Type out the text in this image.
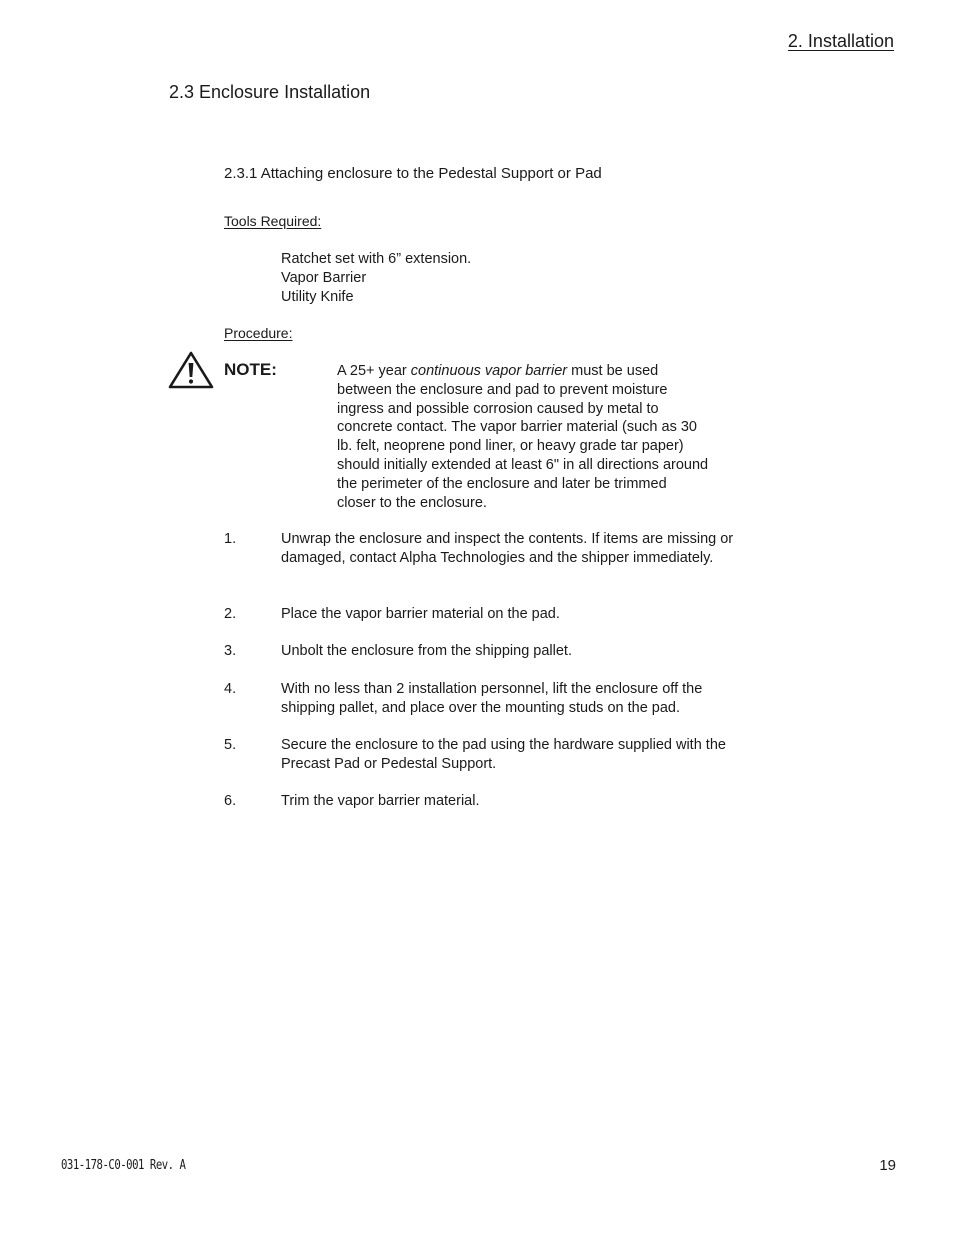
2. Installation
2.3 Enclosure Installation
2.3.1 Attaching enclosure to the Pedestal Support or Pad
Tools Required:
Ratchet set with 6” extension.
Vapor Barrier
Utility Knife
Procedure:
NOTE:	A 25+ year continuous vapor barrier must be used between the enclosure and pad to prevent moisture ingress and possible corrosion caused by metal to concrete contact. The vapor barrier material (such as 30 lb. felt, neoprene pond liner, or heavy grade tar paper) should initially extended at least 6" in all directions around the perimeter of the enclosure and later be trimmed closer to the enclosure.
1.	Unwrap the enclosure and inspect the contents. If items are missing or damaged, contact Alpha Technologies and the shipper immediately.
2.	Place the vapor barrier material on the pad.
3.	Unbolt the enclosure from the shipping pallet.
4.	With no less than 2 installation personnel, lift the enclosure off the shipping pallet, and place over the mounting studs on the pad.
5.	Secure the enclosure to the pad using the hardware supplied with the Precast Pad or Pedestal Support.
6.	Trim the vapor barrier material.
031-178-C0-001 Rev. A	19
